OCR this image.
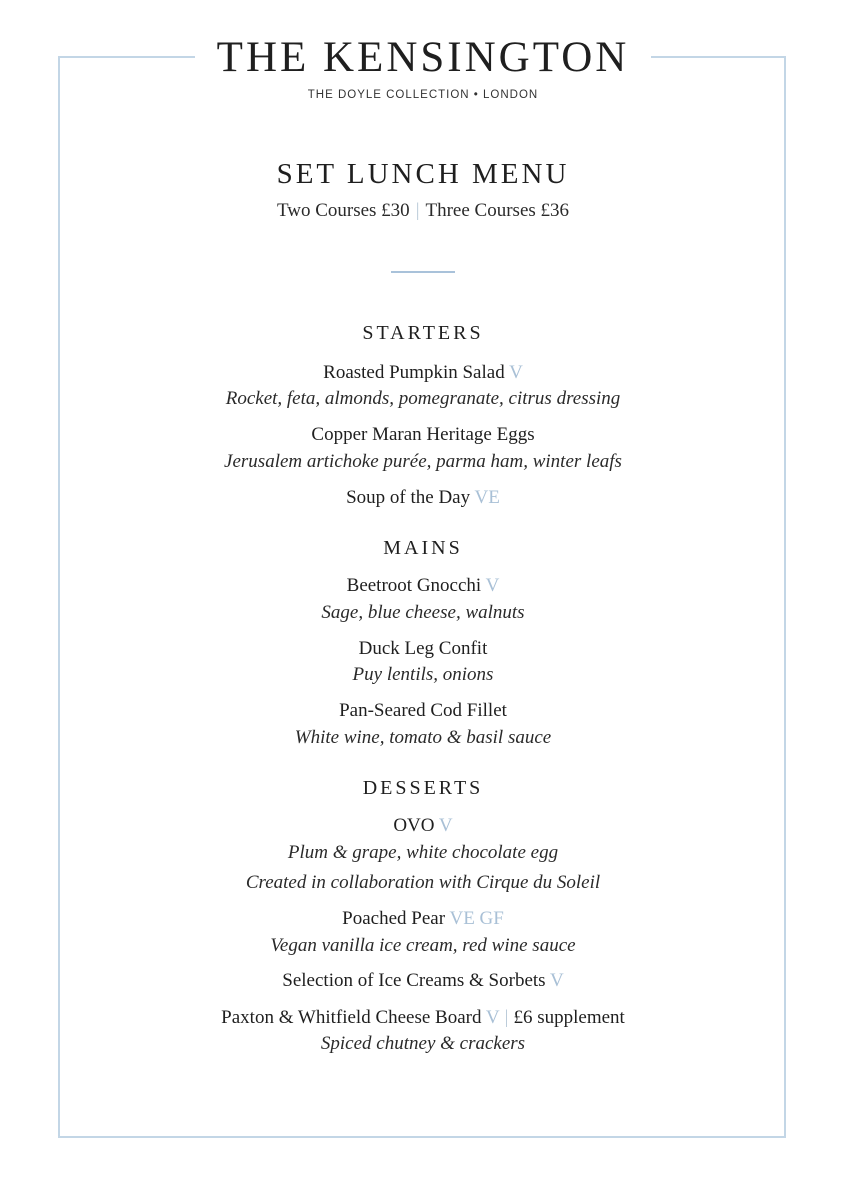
THE KENSINGTON
THE DOYLE COLLECTION • LONDON
SET LUNCH MENU
Two Courses £30 | Three Courses £36
STARTERS
Roasted Pumpkin Salad V
Rocket, feta, almonds, pomegranate, citrus dressing
Copper Maran Heritage Eggs
Jerusalem artichoke purée, parma ham, winter leafs
Soup of the Day VE
MAINS
Beetroot Gnocchi V
Sage, blue cheese, walnuts
Duck Leg Confit
Puy lentils, onions
Pan-Seared Cod Fillet
White wine, tomato & basil sauce
DESSERTS
OVO V
Plum & grape, white chocolate egg
Created in collaboration with Cirque du Soleil
Poached Pear VE GF
Vegan vanilla ice cream, red wine sauce
Selection of Ice Creams & Sorbets V
Paxton & Whitfield Cheese Board V | £6 supplement
Spiced chutney & crackers
